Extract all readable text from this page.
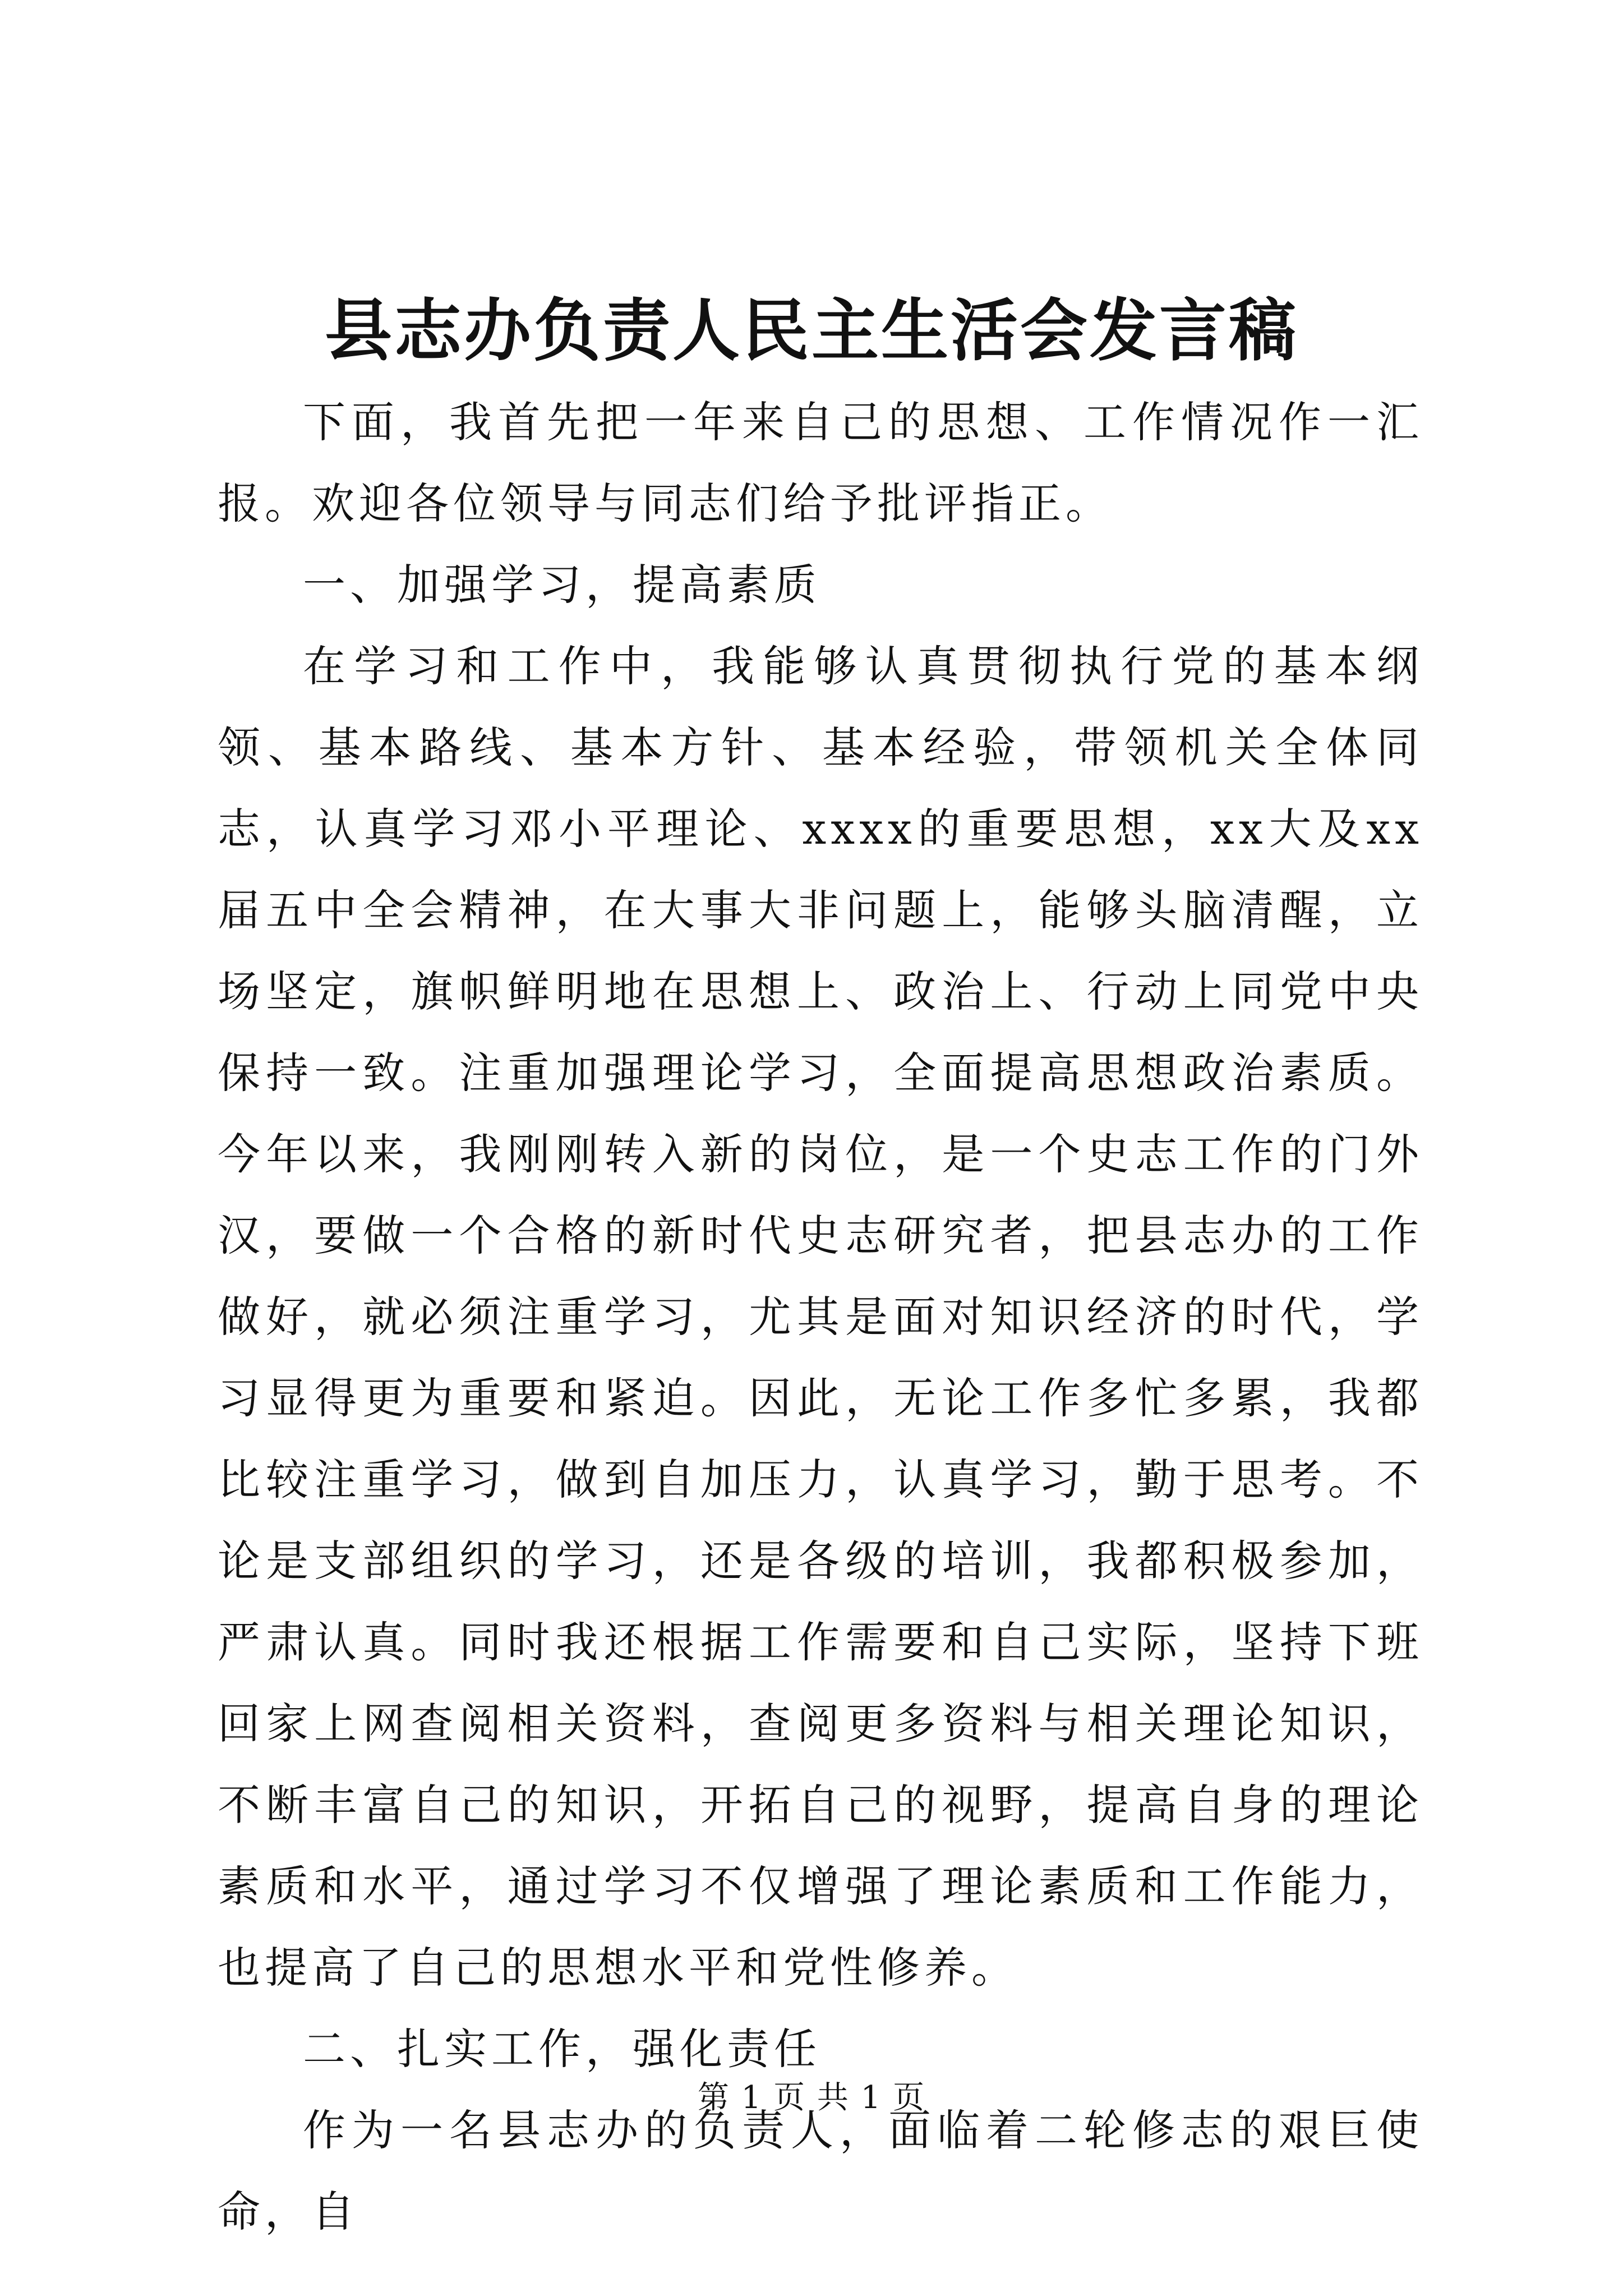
县志办负责人民主生活会发言稿

下面，我首先把一年来自己的思想、工作情况作一汇报。欢迎各位领导与同志们给予批评指正。

一、加强学习，提高素质

在学习和工作中，我能够认真贯彻执行党的基本纲领、基本路线、基本方针、基本经验，带领机关全体同志，认真学习邓小平理论、xxxx的重要思想，xx大及xx届五中全会精神，在大事大非问题上，能够头脑清醒，立场坚定，旗帜鲜明地在思想上、政治上、行动上同党中央保持一致。注重加强理论学习，全面提高思想政治素质。今年以来，我刚刚转入新的岗位，是一个史志工作的门外汉，要做一个合格的新时代史志研究者，把县志办的工作做好，就必须注重学习，尤其是面对知识经济的时代，学习显得更为重要和紧迫。因此，无论工作多忙多累，我都比较注重学习，做到自加压力，认真学习，勤于思考。不论是支部组织的学习，还是各级的培训，我都积极参加，严肃认真。同时我还根据工作需要和自己实际，坚持下班回家上网查阅相关资料，查阅更多资料与相关理论知识，不断丰富自己的知识，开拓自己的视野，提高自身的理论素质和水平，通过学习不仅增强了理论素质和工作能力，也提高了自己的思想水平和党性修养。

二、扎实工作，强化责任

作为一名县志办的负责人，面临着二轮修志的艰巨使命，自

第 1 页 共 1 页
